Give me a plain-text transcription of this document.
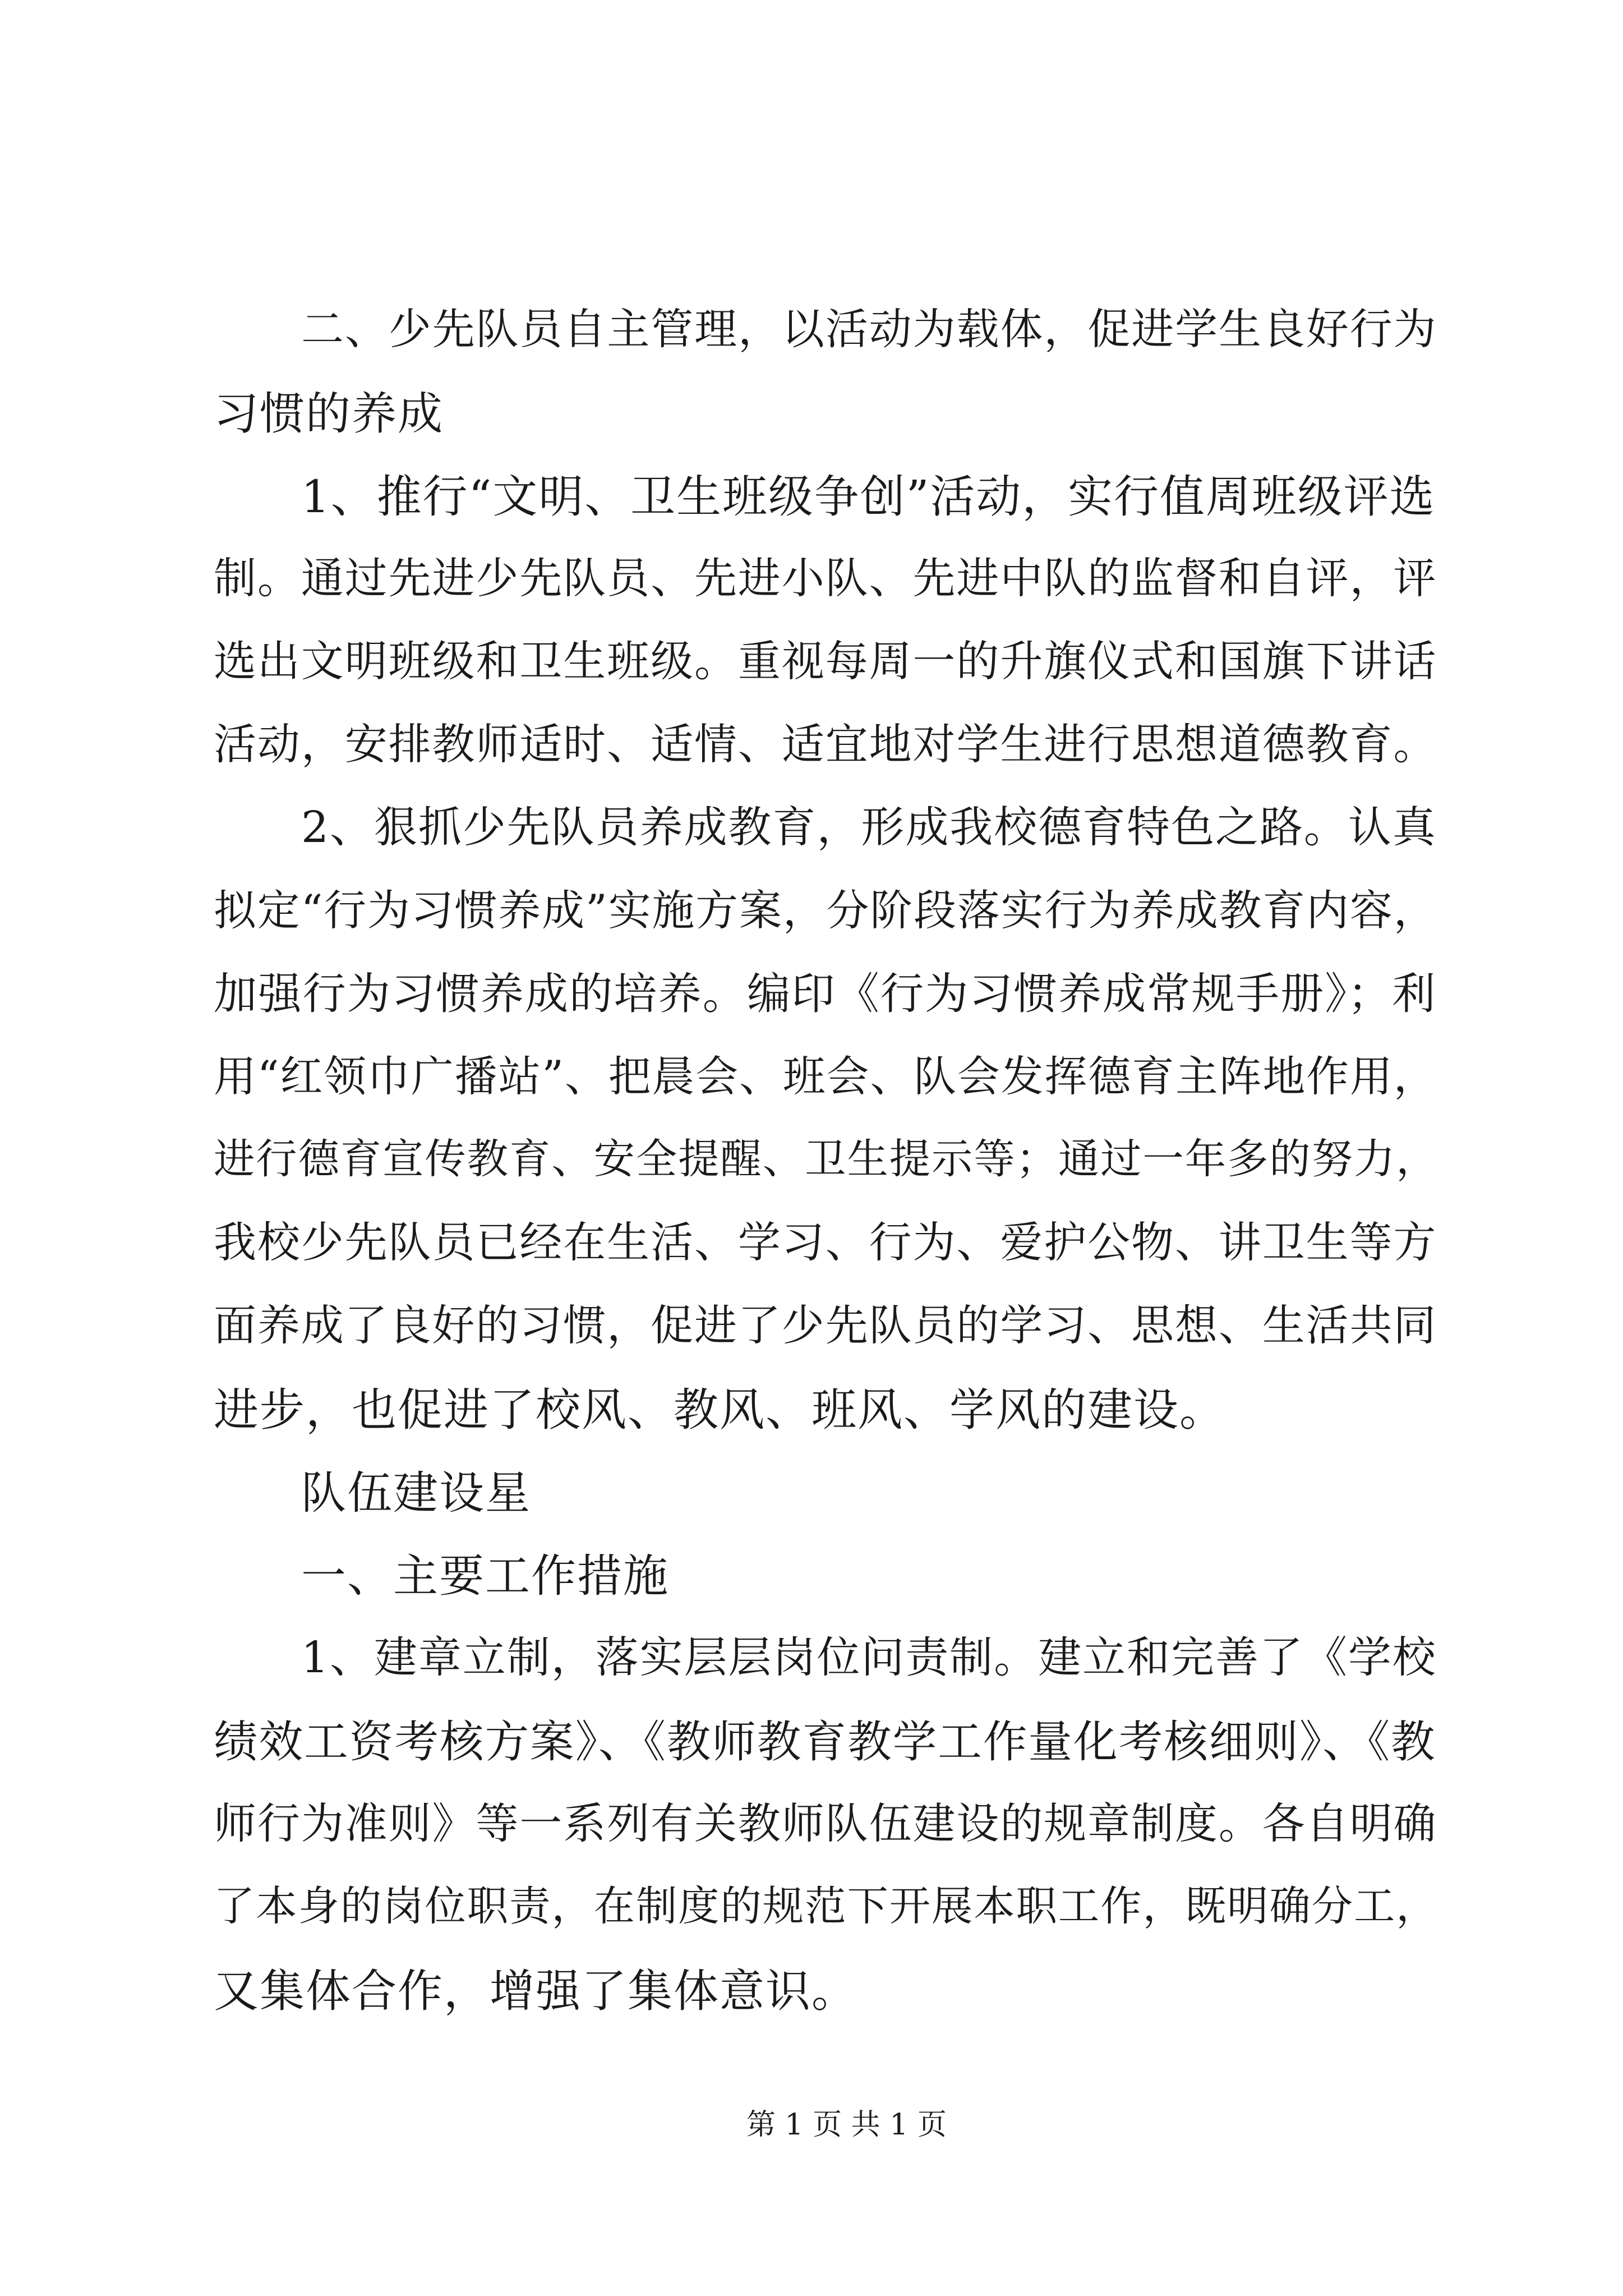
二、少先队员自主管理，以活动为载体，促进学生良好行为

习惯的养成

1、推行“文明、卫生班级争创”活动，实行值周班级评选

制。通过先进少先队员、先进小队、先进中队的监督和自评，评

选出文明班级和卫生班级。重视每周一的升旗仪式和国旗下讲话

活动，安排教师适时、适情、适宜地对学生进行思想道德教育。

2、狠抓少先队员养成教育，形成我校德育特色之路。认真

拟定“行为习惯养成”实施方案，分阶段落实行为养成教育内容，

加强行为习惯养成的培养。编印《行为习惯养成常规手册》；利

用“红领巾广播站”、把晨会、班会、队会发挥德育主阵地作用，

进行德育宣传教育、安全提醒、卫生提示等；通过一年多的努力，

我校少先队员已经在生活、学习、行为、爱护公物、讲卫生等方

面养成了良好的习惯，促进了少先队员的学习、思想、生活共同

进步，也促进了校风、教风、班风、学风的建设。

队伍建设星

一、主要工作措施

1、建章立制，落实层层岗位问责制。建立和完善了《学校

绩效工资考核方案》、《教师教育教学工作量化考核细则》、《教

师行为准则》等一系列有关教师队伍建设的规章制度。各自明确

了本身的岗位职责，在制度的规范下开展本职工作，既明确分工，

又集体合作，增强了集体意识。

第 1 页 共 1 页
